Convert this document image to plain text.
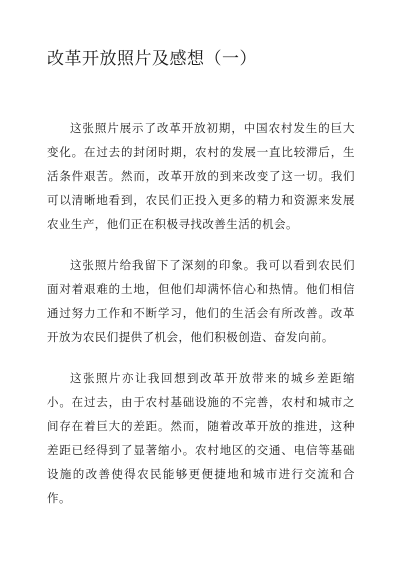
改革开放照片及感想（一）

这张照片展示了改革开放初期，中国农村发生的巨大变化。在过去的封闭时期，农村的发展一直比较滞后，生活条件艰苦。然而，改革开放的到来改变了这一切。我们可以清晰地看到，农民们正投入更多的精力和资源来发展农业生产，他们正在积极寻找改善生活的机会。

这张照片给我留下了深刻的印象。我可以看到农民们面对着艰难的土地，但他们却满怀信心和热情。他们相信通过努力工作和不断学习，他们的生活会有所改善。改革开放为农民们提供了机会，他们积极创造、奋发向前。

这张照片亦让我回想到改革开放带来的城乡差距缩小。在过去，由于农村基础设施的不完善，农村和城市之间存在着巨大的差距。然而，随着改革开放的推进，这种差距已经得到了显著缩小。农村地区的交通、电信等基础设施的改善使得农民能够更便捷地和城市进行交流和合作。
